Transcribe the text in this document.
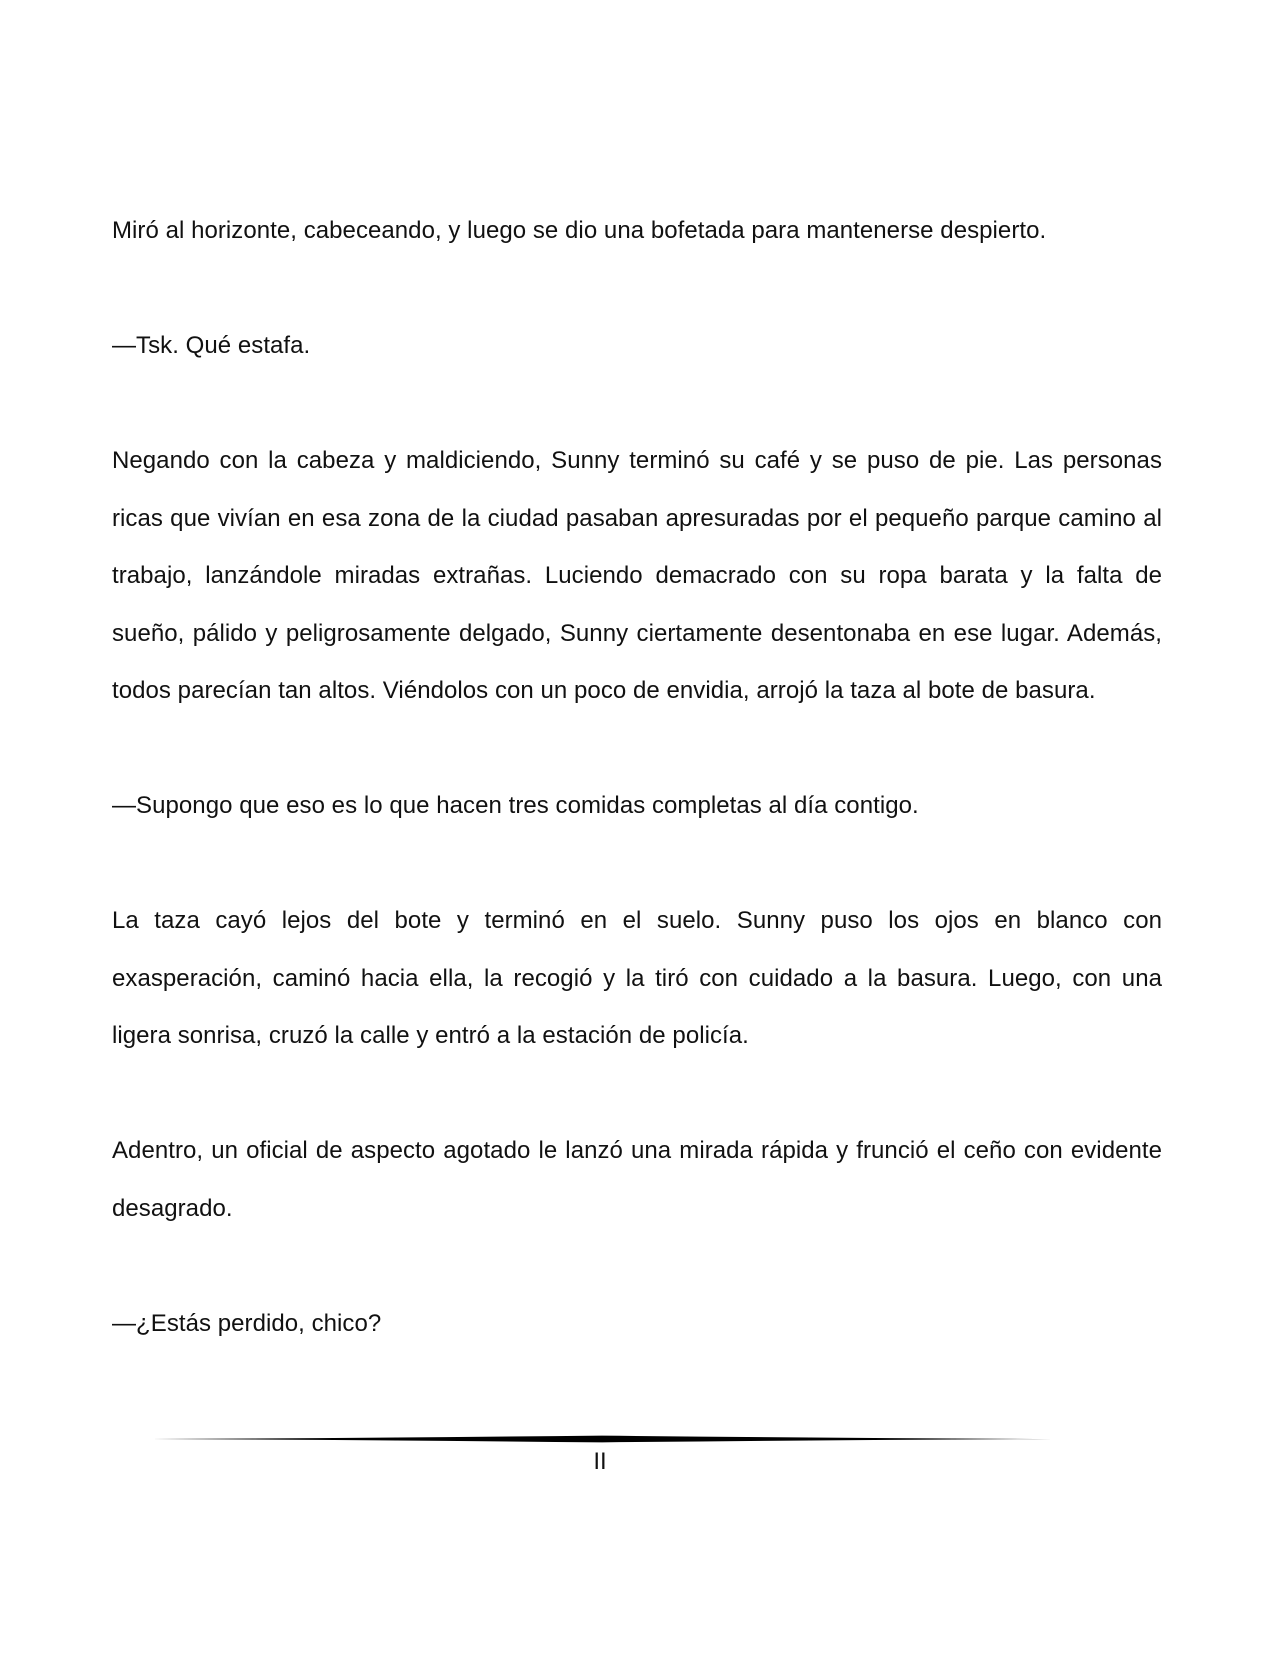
Miró al horizonte, cabeceando, y luego se dio una bofetada para mantenerse despierto.

—Tsk. Qué estafa.

Negando con la cabeza y maldiciendo, Sunny terminó su café y se puso de pie. Las personas ricas que vivían en esa zona de la ciudad pasaban apresuradas por el pequeño parque camino al trabajo, lanzándole miradas extrañas. Luciendo demacrado con su ropa barata y la falta de sueño, pálido y peligrosamente delgado, Sunny ciertamente desentonaba en ese lugar. Además, todos parecían tan altos. Viéndolos con un poco de envidia, arrojó la taza al bote de basura.

—Supongo que eso es lo que hacen tres comidas completas al día contigo.

La taza cayó lejos del bote y terminó en el suelo. Sunny puso los ojos en blanco con exasperación, caminó hacia ella, la recogió y la tiró con cuidado a la basura. Luego, con una ligera sonrisa, cruzó la calle y entró a la estación de policía.

Adentro, un oficial de aspecto agotado le lanzó una mirada rápida y frunció el ceño con evidente desagrado.

—¿Estás perdido, chico?

II
